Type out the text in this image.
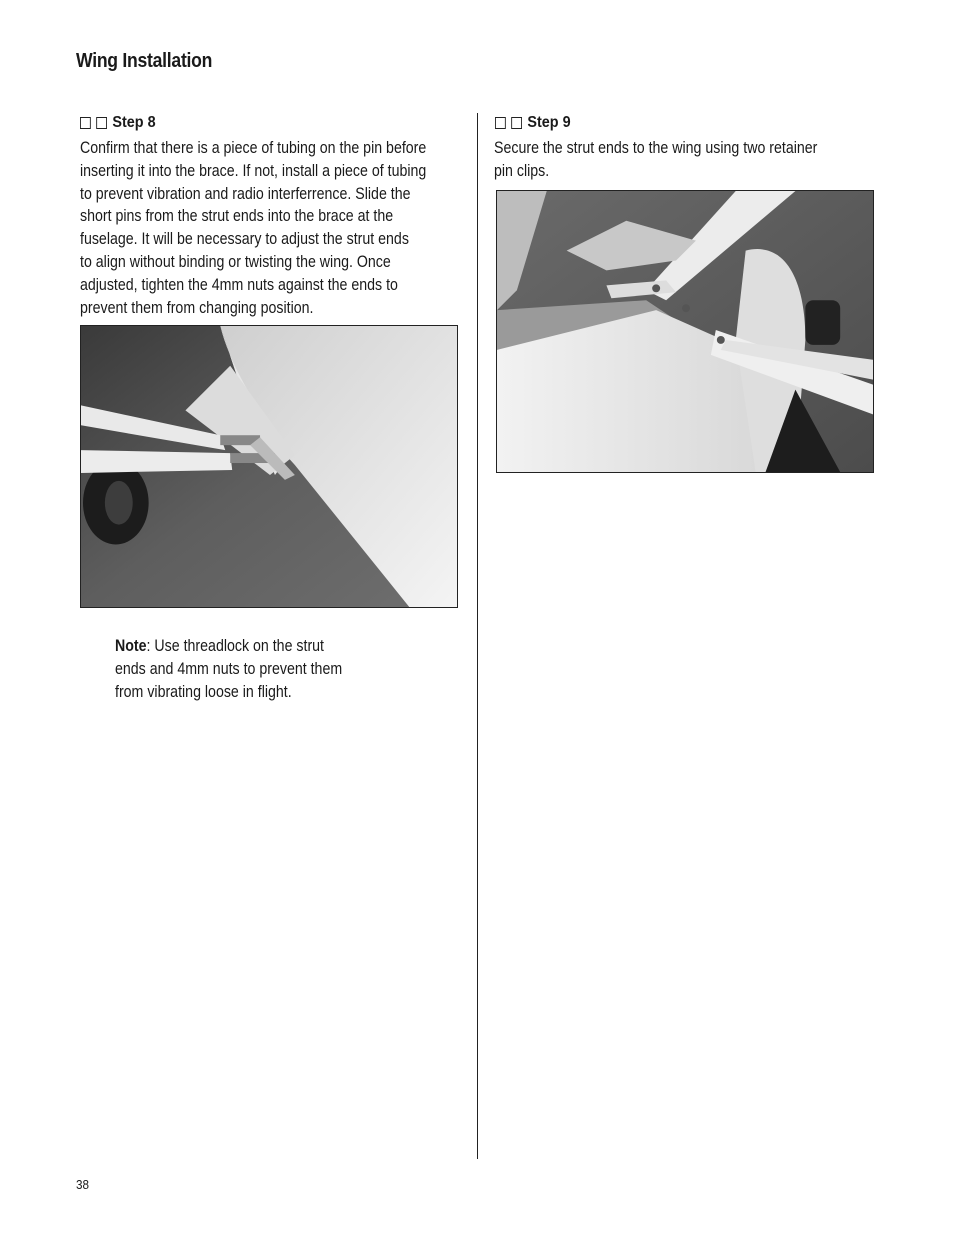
Wing Installation
Step 8
Confirm that there is a piece of tubing on the pin before
inserting it into the brace. If not, install a piece of tubing
to prevent vibration and radio interferrence. Slide the
short pins from the strut ends into the brace at the
fuselage. It will be necessary to adjust the strut ends
to align without binding or twisting the wing. Once
adjusted, tighten the 4mm nuts against the ends to
prevent them from changing position.
Note: Use threadlock on the strut
ends and 4mm nuts to prevent them
from vibrating loose in flight.
Step 9
Secure the strut ends to the wing using two retainer
pin clips.
38
